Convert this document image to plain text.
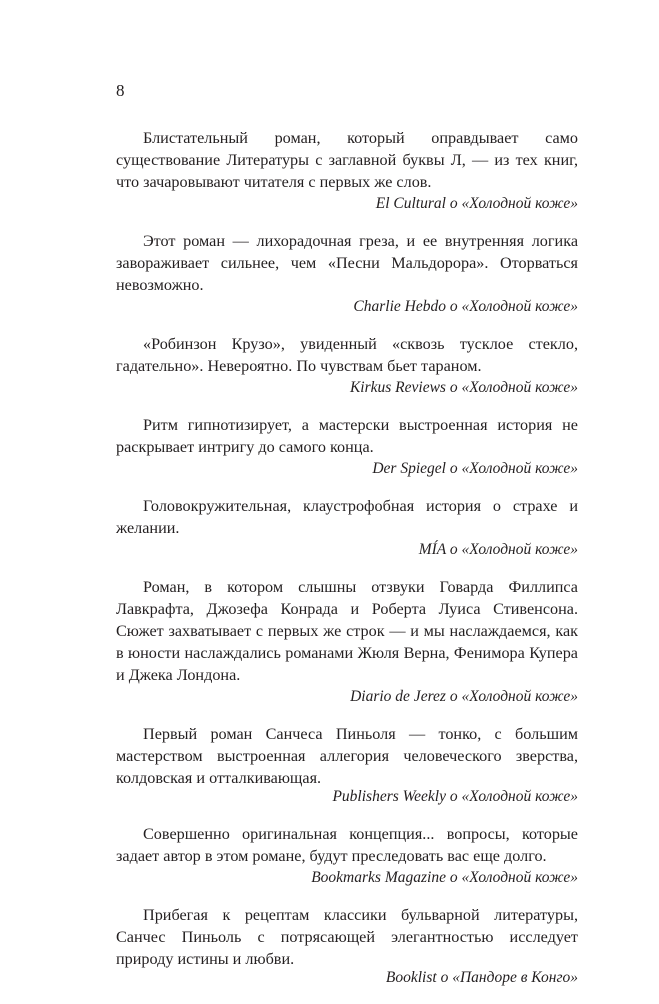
8

Блистательный роман, который оправдывает само существование Литературы с заглавной буквы Л, — из тех книг, что зачаровывают читателя с первых же слов.

El Cultural о «Холодной коже»

Этот роман — лихорадочная греза, и ее внутренняя логика завораживает сильнее, чем «Песни Мальдорора». Оторваться невозможно.

Charlie Hebdo о «Холодной коже»

«Робинзон Крузо», увиденный «сквозь тусклое стекло, гадательно». Невероятно. По чувствам бьет тараном.

Kirkus Reviews о «Холодной коже»

Ритм гипнотизирует, а мастерски выстроенная история не раскрывает интригу до самого конца.

Der Spiegel о «Холодной коже»

Головокружительная, клаустрофобная история о страхе и желании.

MÍA о «Холодной коже»

Роман, в котором слышны отзвуки Говарда Филлипса Лавкрафта, Джозефа Конрада и Роберта Луиса Стивенсона. Сюжет захватывает с первых же строк — и мы наслаждаемся, как в юности наслаждались романами Жюля Верна, Фенимора Купера и Джека Лондона.

Diario de Jerez о «Холодной коже»

Первый роман Санчеса Пиньоля — тонко, с большим мастерством выстроенная аллегория человеческого зверства, колдовская и отталкивающая.

Publishers Weekly о «Холодной коже»

Совершенно оригинальная концепция... вопросы, которые задает автор в этом романе, будут преследовать вас еще долго.

Bookmarks Magazine о «Холодной коже»

Прибегая к рецептам классики бульварной литературы, Санчес Пиньоль с потрясающей элегантностью исследует природу истины и любви.

Booklist о «Пандоре в Конго»
